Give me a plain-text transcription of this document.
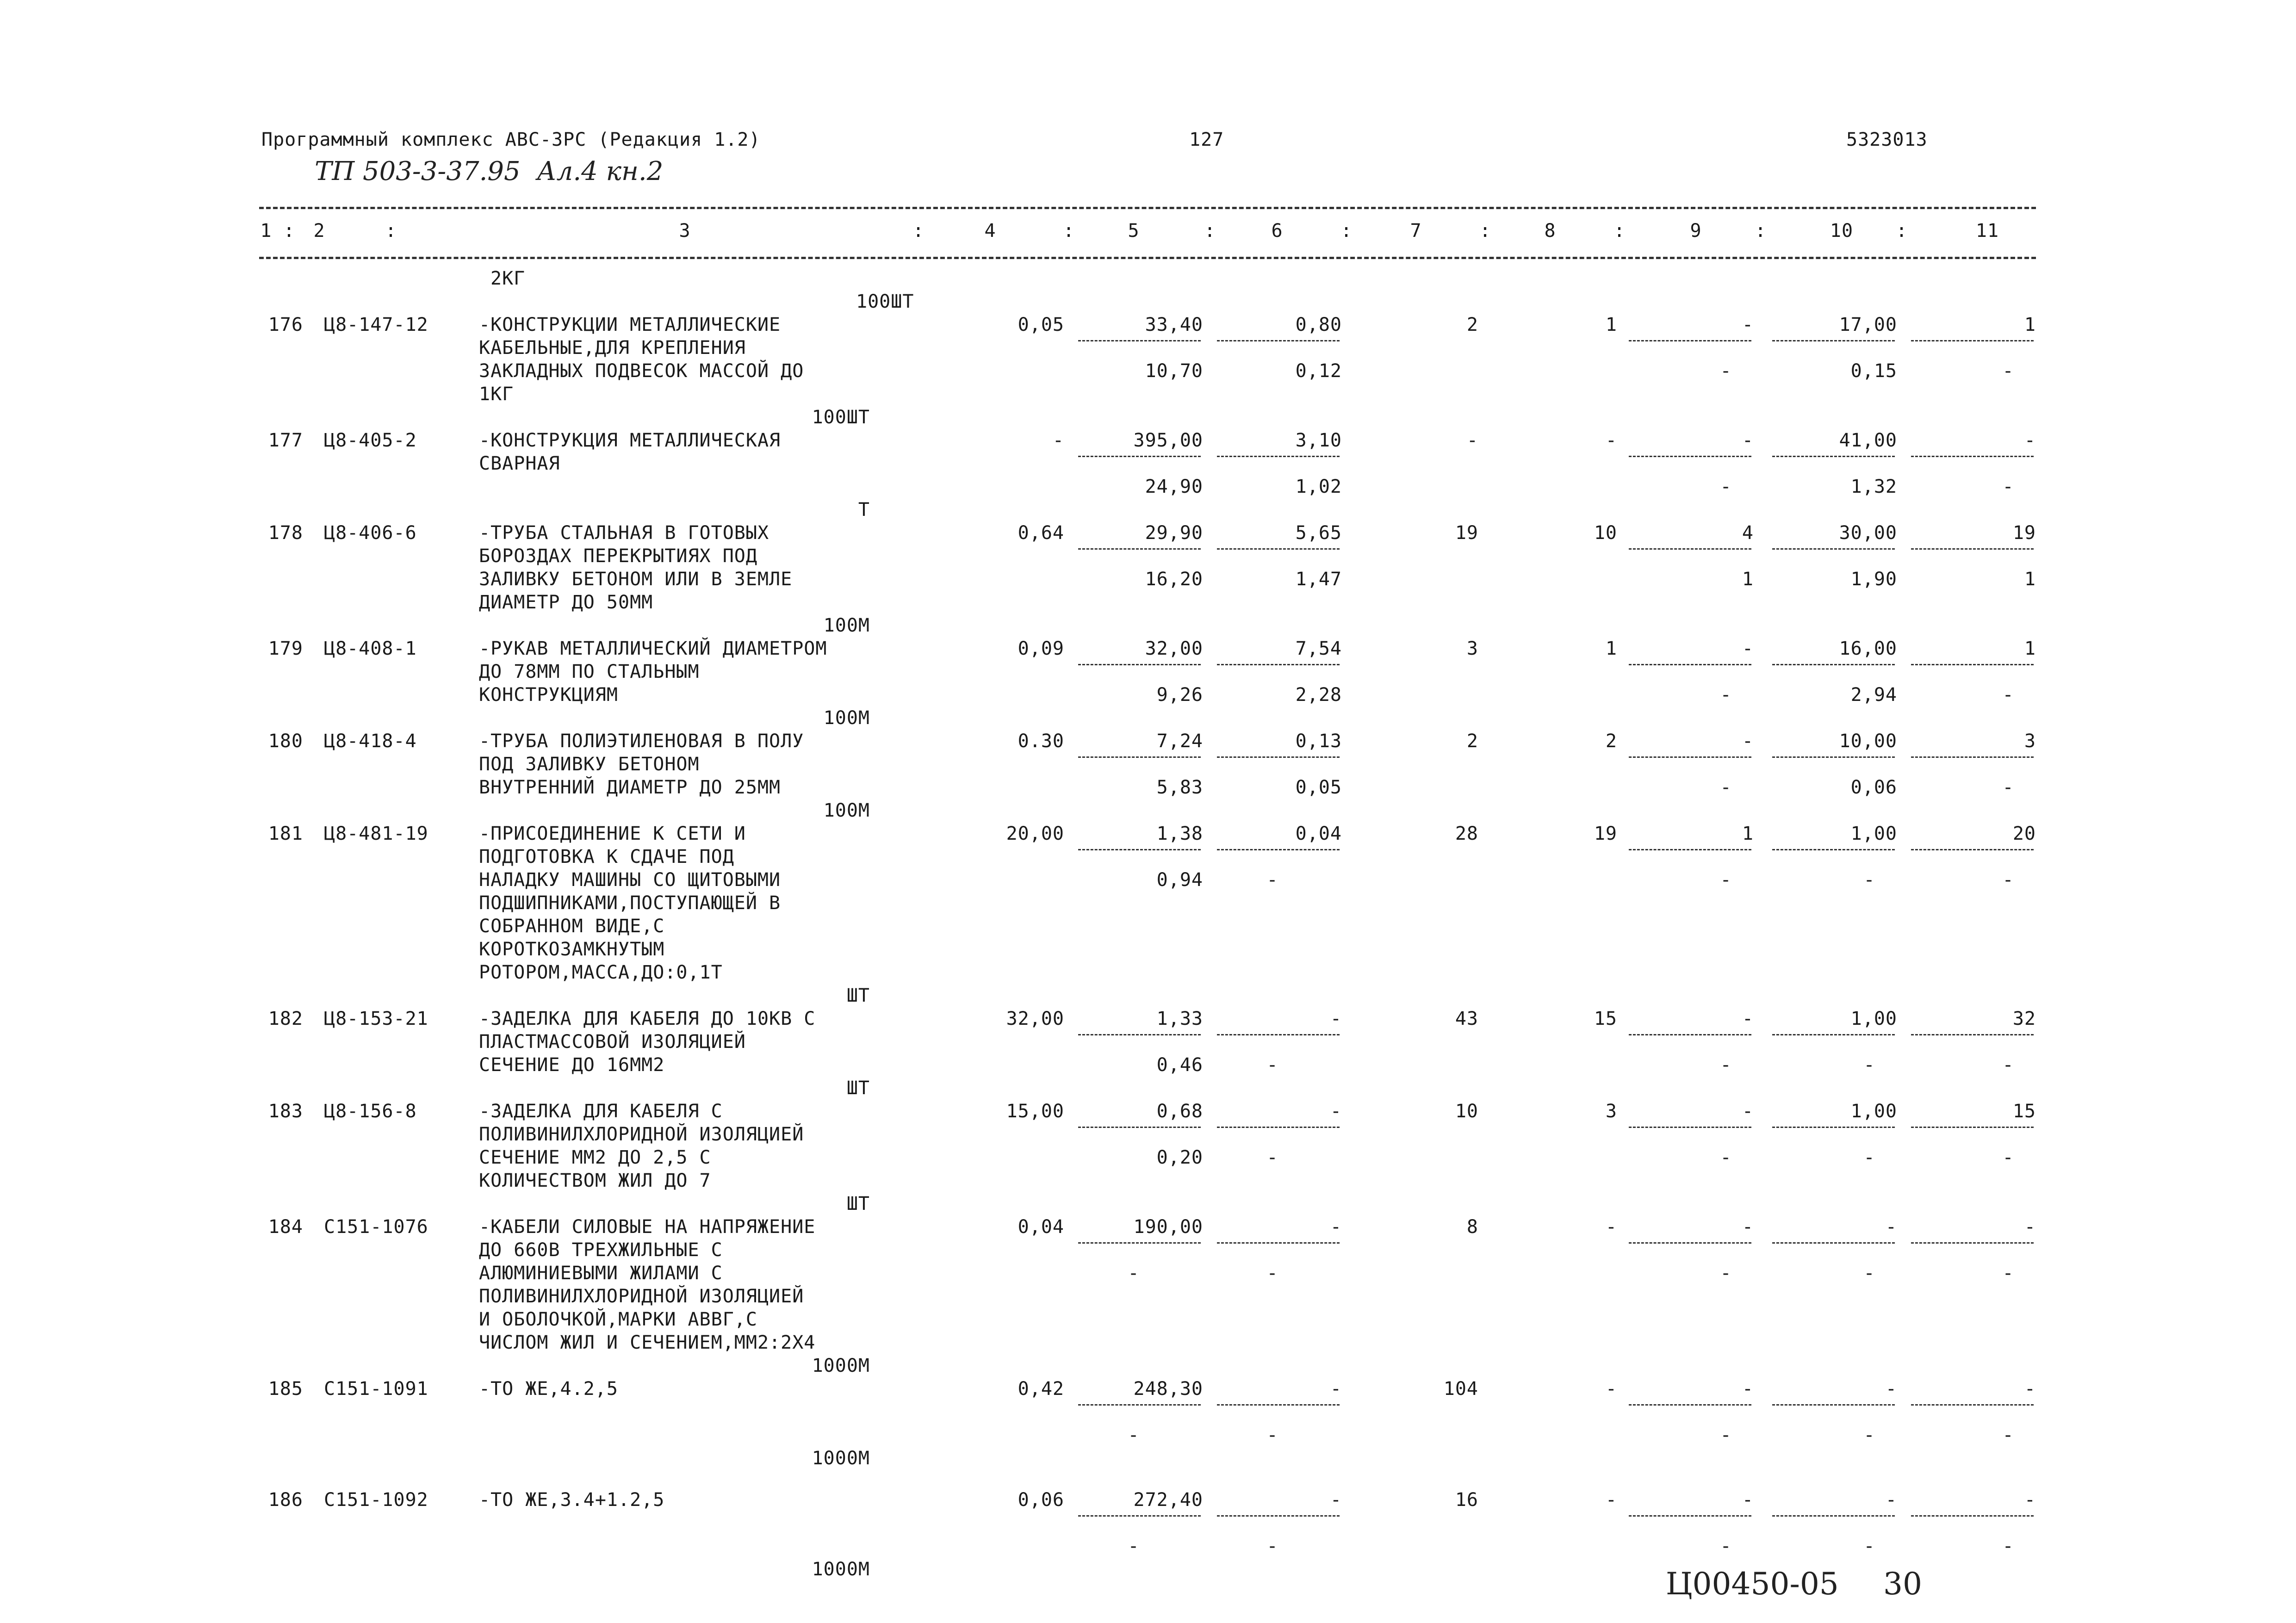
Программный комплекс АВС-3РС (Редакция 1.2)	127	5323013
ТП 503-3-37.95  Ал.4 кн.2
1 : 2	:	3	:	4	:	5	:	6	:	7	:	8	:	9	:	10	:	11
2КГ
100ШТ
176 Ц8-147-12	-КОНСТРУКЦИИ МЕТАЛЛИЧЕСКИЕ
КАБЕЛЬНЫЕ,ДЛЯ КРЕПЛЕНИЯ
ЗАКЛАДНЫХ ПОДВЕСОК МАССОЙ ДО
1КГ
0,05	33,40	0,80	2	1	-	17,00	1
10,70	0,12	-	0,15	-
100ШТ
177 Ц8-405-2	-КОНСТРУКЦИЯ МЕТАЛЛИЧЕСКАЯ
СВАРНАЯ
-	395,00	3,10	-	-	-	41,00	-
24,90	1,02	-	1,32	-
Т
178 Ц8-406-6	-ТРУБА СТАЛЬНАЯ В ГОТОВЫХ
БОРОЗДАХ ПЕРЕКРЫТИЯХ ПОД
ЗАЛИВКУ БЕТОНОМ ИЛИ В ЗЕМЛЕ
ДИАМЕТР ДО 50ММ
0,64	29,90	5,65	19	10	4	30,00	19
16,20	1,47	1	1,90	1
100М
179 Ц8-408-1	-РУКАВ МЕТАЛЛИЧЕСКИЙ ДИАМЕТРОМ
ДО 78ММ ПО СТАЛЬНЫМ
КОНСТРУКЦИЯМ
0,09	32,00	7,54	3	1	-	16,00	1
9,26	2,28	-	2,94	-
100М
180 Ц8-418-4	-ТРУБА ПОЛИЭТИЛЕНОВАЯ В ПОЛУ
ПОД ЗАЛИВКУ БЕТОНОМ
ВНУТРЕННИЙ ДИАМЕТР ДО 25ММ
0.30	7,24	0,13	2	2	-	10,00	3
5,83	0,05	-	0,06	-
100М
181 Ц8-481-19	-ПРИСОЕДИНЕНИЕ К СЕТИ И
ПОДГОТОВКА К СДАЧЕ ПОД
НАЛАДКУ МАШИНЫ СО ЩИТОВЫМИ
ПОДШИПНИКАМИ,ПОСТУПАЮЩЕЙ В
СОБРАННОМ ВИДЕ,С
КОРОТКОЗАМКНУТЫМ
РОТОРОМ,МАССА,ДО:0,1Т
20,00	1,38	0,04	28	19	1	1,00	20
0,94	-	-	-	-
ШТ
182 Ц8-153-21	-ЗАДЕЛКА ДЛЯ КАБЕЛЯ ДО 10КВ С
ПЛАСТМАССОВОЙ ИЗОЛЯЦИЕЙ
СЕЧЕНИЕ ДО 16ММ2
32,00	1,33	-	43	15	-	1,00	32
0,46	-	-	-	-
ШТ
183 Ц8-156-8	-ЗАДЕЛКА ДЛЯ КАБЕЛЯ С
ПОЛИВИНИЛХЛОРИДНОЙ ИЗОЛЯЦИЕЙ
СЕЧЕНИЕ ММ2 ДО 2,5 С
КОЛИЧЕСТВОМ ЖИЛ ДО 7
15,00	0,68	-	10	3	-	1,00	15
0,20	-	-	-	-
ШТ
184 С151-1076	-КАБЕЛИ СИЛОВЫЕ НА НАПРЯЖЕНИЕ
ДО 660В ТРЕХЖИЛЬНЫЕ С
АЛЮМИНИЕВЫМИ ЖИЛАМИ С
ПОЛИВИНИЛХЛОРИДНОЙ ИЗОЛЯЦИЕЙ
И ОБОЛОЧКОЙ,МАРКИ АВВГ,С
ЧИСЛОМ ЖИЛ И СЕЧЕНИЕМ,ММ2:2Х4
0,04	190,00	-	8	-	-	-	-
-	-	-	-	-
1000М
185 С151-1091	-ТО ЖЕ,4.2,5	0,42	248,30	-	104	-	-	-	-
-	-	-	-	-
1000М
186 С151-1092	-ТО ЖЕ,3.4+1.2,5	0,06	272,40	-	16	-	-	-	-
-	-	-	-	-
1000М	Ц00450-05 30
